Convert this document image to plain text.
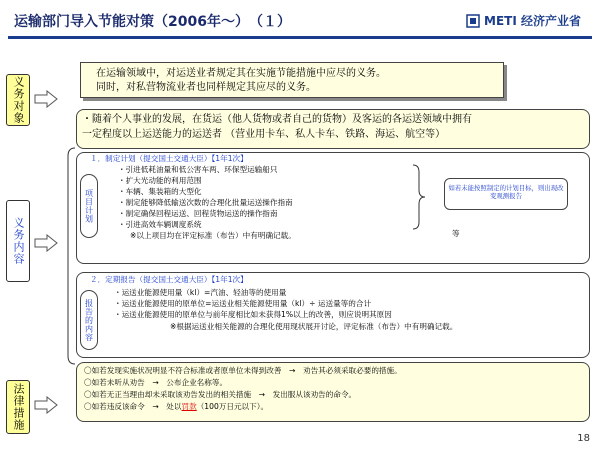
运输部门导入节能对策（2006年～）　（１）	METI 经济产业省
义务对象
在运输领域中，对运送业者规定其在实施节能措施中应尽的义务。
同时，对私营物流业者也同样规定其应尽的义务。
・随着个人事业的发展，在货运（他人货物或者自己的货物）及客运的各运送领域中拥有
一定程度以上运送能力的运送者 （营业用卡车、私人卡车、铁路、海运、航空等）
义务内容
１．制定计划（提交国土交通大臣）【1年1次】
项目计划
・引进低耗油量和低公害车两、环保型运输船只
・扩大光动能的利用范围
・车辆、集装箱的大型化
・制定能够降低输送次数的合理化批量运送操作指南
・制定确保回程运送、回程货物运送的操作指南
・引进高效车辆调度系统
※以上项目均在评定标准（布告）中有明确记载。
如若未能按照制定的计划目标，则出现改变观测报告
等
２．定期报告（提交国土交通大臣）【1年1次】
报告的内容
・运送业能源使用量（kl）=汽油、轻油等的使用量
・运送业能源使用的原单位=运送业相关能源使用量（kl）÷ 运送量等的合计
・运送业能源使用的原单位与前年度相比如未获得1%以上的改善，则应说明其原因
※根据运送业相关能源的合理化使用现状展开讨论，评定标准（布告）中有明确记载。
法律措施
〇如若发现实施状况明显不符合标准或者原单位未得到改善　→　劝告其必须采取必要的措施。
〇如若未听从劝告　→　公布企业名称等。
〇如若无正当理由却未采取该劝告发出的相关措施　→　发出服从该劝告的命令。
〇如若违反该命令　→　处以罚款（100万日元以下）。
18
